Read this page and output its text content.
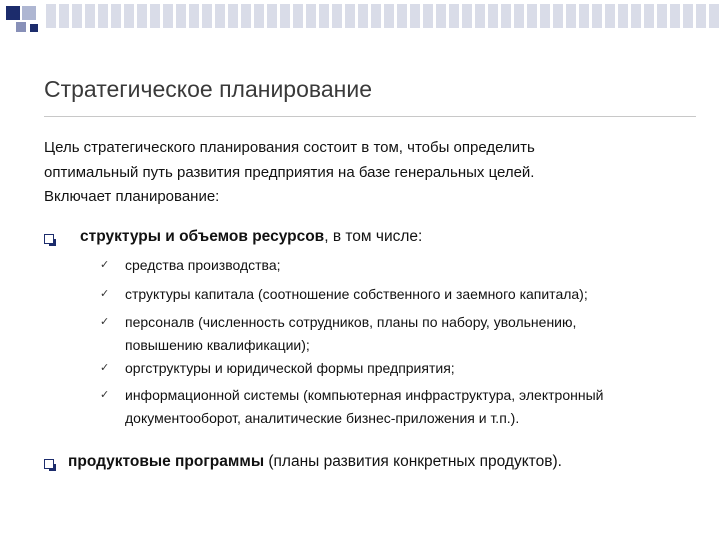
Стратегическое планирование
Цель стратегического планирования состоит в том, чтобы определить
оптимальный путь развития предприятия на базе генеральных целей.
Включает планирование:
структуры и объемов ресурсов, в том числе:
✓ средства производства;
✓ структуры капитала (соотношение собственного и заемного капитала);
✓ персоналв (численность сотрудников, планы по набору, увольнению,
повышению квалификации);
✓ оргструктуры и юридической формы предприятия;
✓ информационной системы (компьютерная инфраструктура, электронный
документооборот, аналитические бизнес-приложения и т.п.).
продуктовые программы (планы развития конкретных продуктов).
